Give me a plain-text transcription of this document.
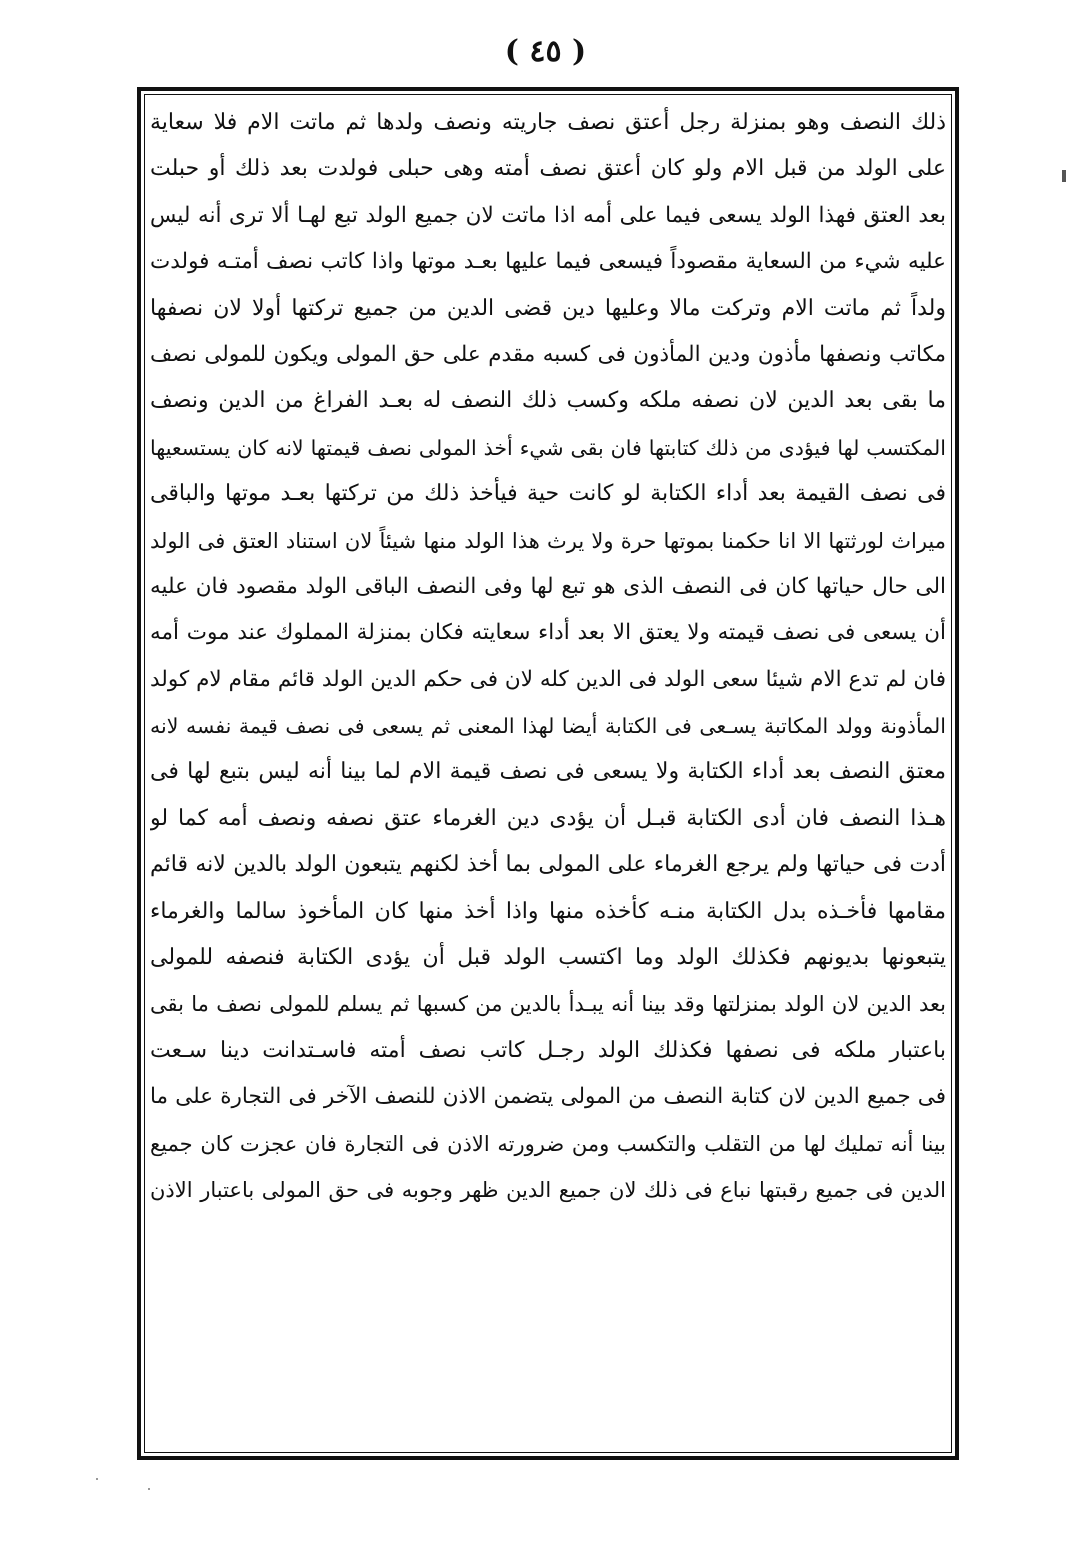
( ٤٥ )
ذلك النصف وهو بمنزلة رجل أعتق نصف جاريته ونصف ولدها ثم ماتت الام فلا سعاية
على الولد من قبل الام ولو كان أعتق نصف أمته وهى حبلى فولدت بعد ذلك أو حبلت
بعد العتق فهذا الولد يسعى فيما على أمه اذا ماتت لان جميع الولد تبع لهـا ألا ترى أنه ليس
عليه شيء من السعاية مقصوداً فيسعى فيما عليها بعـد موتها واذا كاتب نصف أمتـه فولدت
ولداً ثم ماتت الام وتركت مالا وعليها دين قضى الدين من جميع تركتها أولا لان نصفها
مكاتب ونصفها مأذون ودين المأذون فى كسبه مقدم على حق المولى ويكون للمولى نصف
ما بقى بعد الدين لان نصفه ملكه وكسب ذلك النصف له بعـد الفراغ من الدين ونصف
المكتسب لها فيؤدى من ذلك كتابتها فان بقى شيء أخذ المولى نصف قيمتها لانه كان يستسعيها
فى نصف القيمة بعد أداء الكتابة لو كانت حية فيأخذ ذلك من تركتها بعـد موتها والباقى
ميراث لورثتها الا انا حكمنا بموتها حرة ولا يرث هذا الولد منها شيئاً لان استناد العتق فى الولد
الى حال حياتها كان فى النصف الذى هو تبع لها وفى النصف الباقى الولد مقصود فان عليه
أن يسعى فى نصف قيمته ولا يعتق الا بعد أداء سعايته فكان بمنزلة المملوك عند موت أمه
فان لم تدع الام شيئا سعى الولد فى الدين كله لان فى حكم الدين الولد قائم مقام لام كولد
المأذونة وولد المكاتبة يسـعى فى الكتابة أيضا لهذا المعنى ثم يسعى فى نصف قيمة نفسه لانه
معتق النصف بعد أداء الكتابة ولا يسعى فى نصف قيمة الام لما بينا أنه ليس بتبع لها فى
هـذا النصف فان أدى الكتابة قبـل أن يؤدى دين الغرماء عتق نصفه ونصف أمه كما لو
أدت فى حياتها ولم يرجع الغرماء على المولى بما أخذ لكنهم يتبعون الولد بالدين لانه قائم
مقامها فأخـذه بدل الكتابة منـه كأخذه منها واذا أخذ منها كان المأخوذ سالما والغرماء
يتبعونها بديونهم فكذلك الولد وما اكتسب الولد قبل أن يؤدى الكتابة فنصفه للمولى
بعد الدين لان الولد بمنزلتها وقد بينا أنه يبـدأ بالدين من كسبها ثم يسلم للمولى نصف ما بقى
باعتبار ملكه فى نصفها فكذلك الولد رجـل كاتب نصف أمته فاسـتدانت دينا سـعت
فى جميع الدين لان كتابة النصف من المولى يتضمن الاذن للنصف الآخر فى التجارة على ما
بينا أنه تمليك لها من التقلب والتكسب ومن ضرورته الاذن فى التجارة فان عجزت كان جميع
الدين فى جميع رقبتها نباع فى ذلك لان جميع الدين ظهر وجوبه فى حق المولى باعتبار الاذن
